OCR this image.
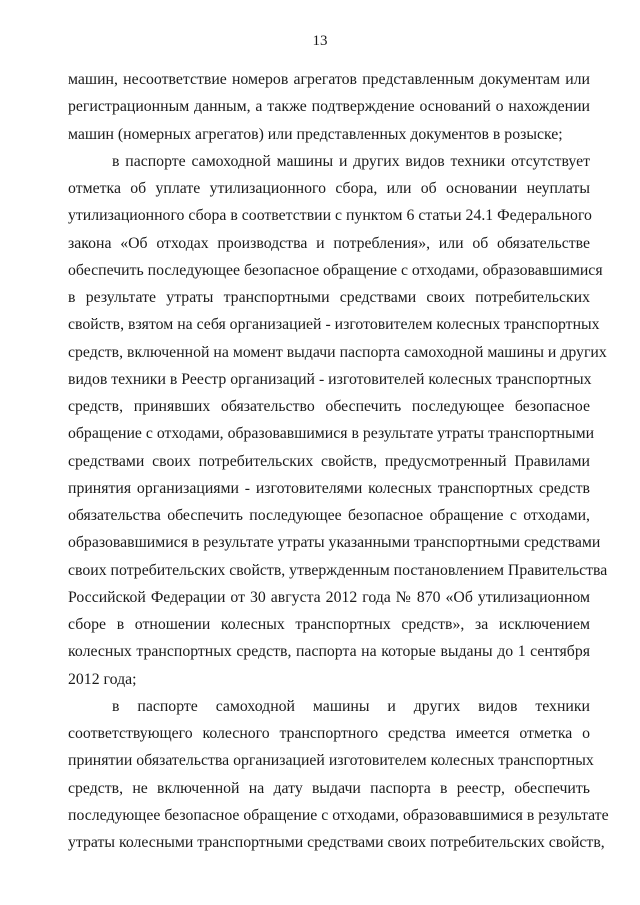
13
машин, несоответствие номеров агрегатов представленным документам или
регистрационным данным, а также подтверждение оснований о нахождении
машин (номерных агрегатов) или представленных документов в розыске;
в паспорте самоходной машины и других видов техники отсутствует
отметка об уплате утилизационного сбора, или об основании неуплаты
утилизационного сбора в соответствии с пунктом 6 статьи 24.1 Федерального
закона «Об отходах производства и потребления», или об обязательстве
обеспечить последующее безопасное обращение с отходами, образовавшимися
в результате утраты транспортными средствами своих потребительских
свойств, взятом на себя организацией - изготовителем колесных транспортных
средств, включенной на момент выдачи паспорта самоходной машины и других
видов техники в Реестр организаций - изготовителей колесных транспортных
средств, принявших обязательство обеспечить последующее безопасное
обращение с отходами, образовавшимися в результате утраты транспортными
средствами своих потребительских свойств, предусмотренный Правилами
принятия организациями - изготовителями колесных транспортных средств
обязательства обеспечить последующее безопасное обращение с отходами,
образовавшимися в результате утраты указанными транспортными средствами
своих потребительских свойств, утвержденным постановлением Правительства
Российской Федерации от 30 августа 2012 года № 870 «Об утилизационном
сборе в отношении колесных транспортных средств», за исключением
колесных транспортных средств, паспорта на которые выданы до 1 сентября
2012 года;
в паспорте самоходной машины и других видов техники
соответствующего колесного транспортного средства имеется отметка о
принятии обязательства организацией изготовителем колесных транспортных
средств, не включенной на дату выдачи паспорта в реестр, обеспечить
последующее безопасное обращение с отходами, образовавшимися в результате
утраты колесными транспортными средствами своих потребительских свойств,
